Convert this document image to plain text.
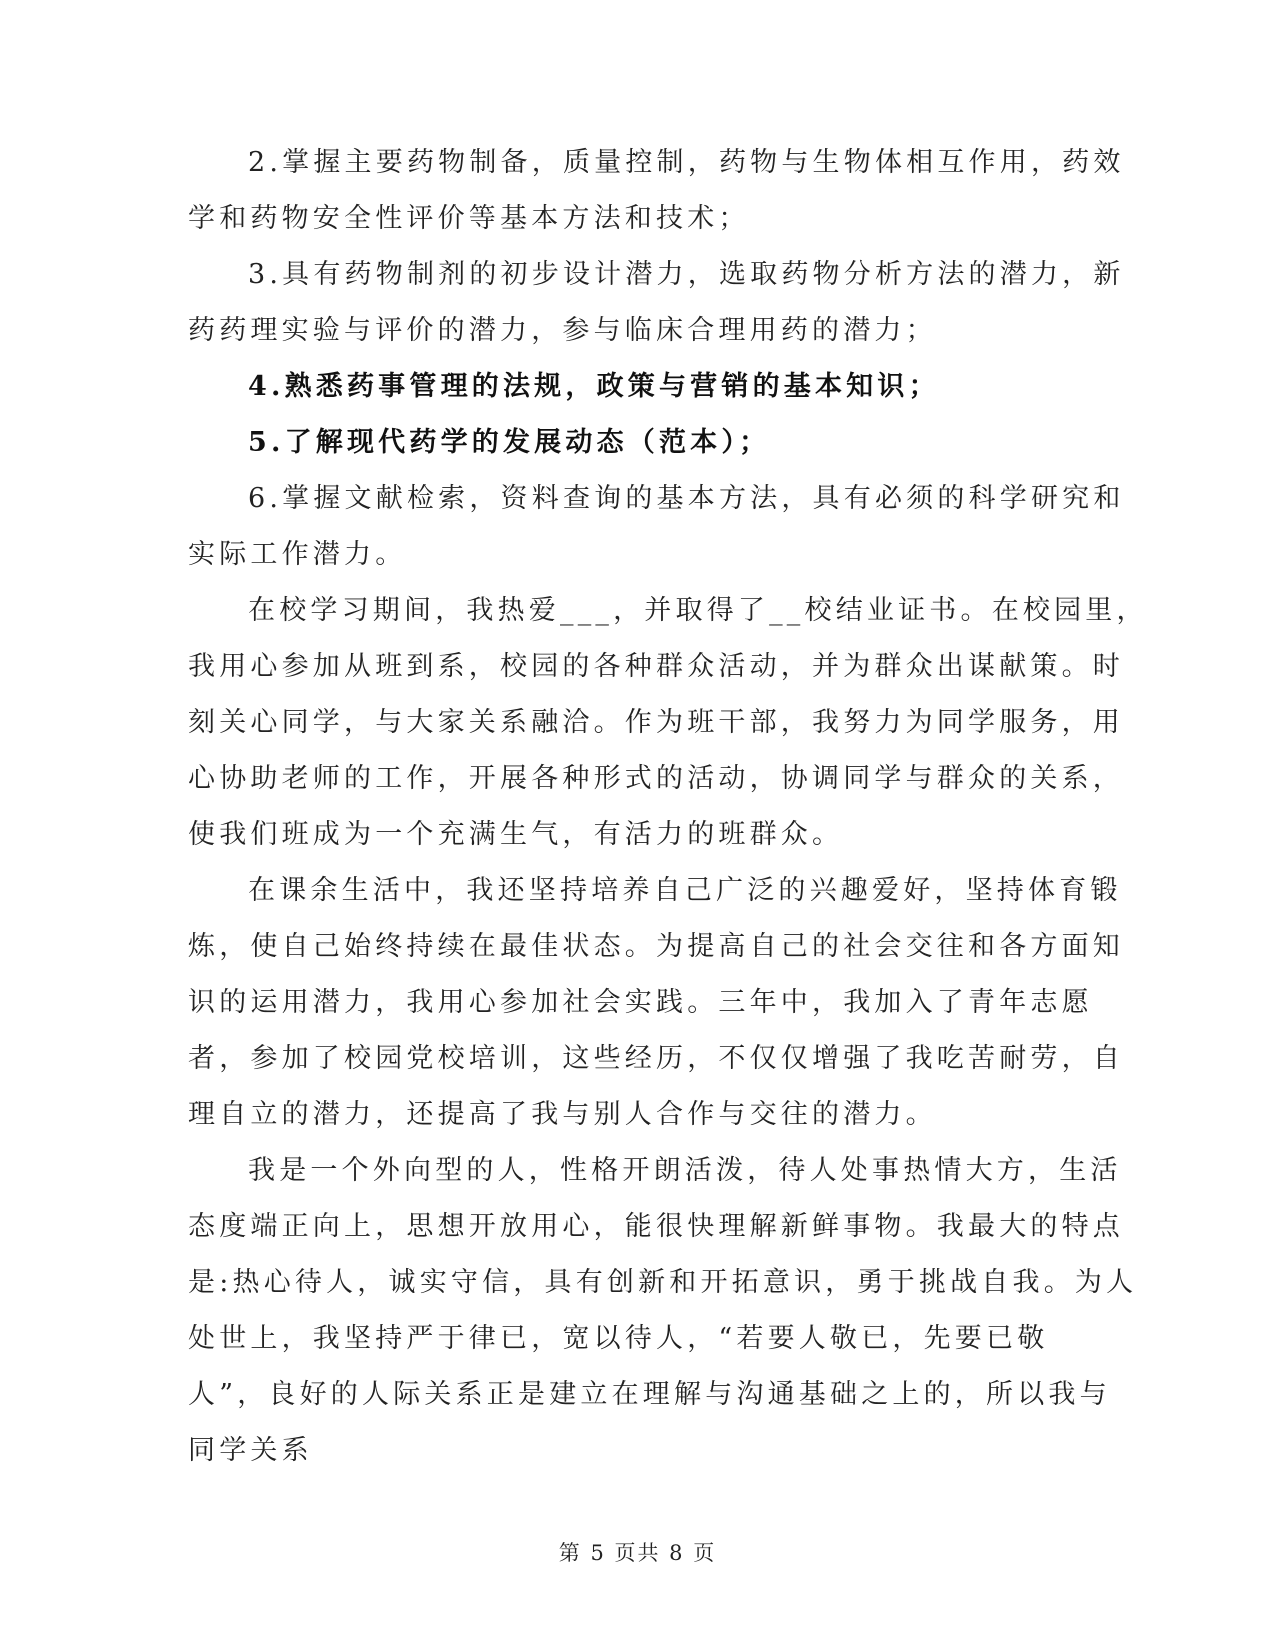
2.掌握主要药物制备，质量控制，药物与生物体相互作用，药效
学和药物安全性评价等基本方法和技术；
3.具有药物制剂的初步设计潜力，选取药物分析方法的潜力，新
药药理实验与评价的潜力，参与临床合理用药的潜力；
4.熟悉药事管理的法规，政策与营销的基本知识；
5.了解现代药学的发展动态（范本）；
6.掌握文献检索，资料查询的基本方法，具有必须的科学研究和
实际工作潜力。
在校学习期间，我热爱___，并取得了__校结业证书。在校园里，
我用心参加从班到系，校园的各种群众活动，并为群众出谋献策。时
刻关心同学，与大家关系融洽。作为班干部，我努力为同学服务，用
心协助老师的工作，开展各种形式的活动，协调同学与群众的关系，
使我们班成为一个充满生气，有活力的班群众。
在课余生活中，我还坚持培养自己广泛的兴趣爱好，坚持体育锻
炼，使自己始终持续在最佳状态。为提高自己的社会交往和各方面知
识的运用潜力，我用心参加社会实践。三年中，我加入了青年志愿
者，参加了校园党校培训，这些经历，不仅仅增强了我吃苦耐劳，自
理自立的潜力，还提高了我与别人合作与交往的潜力。
我是一个外向型的人，性格开朗活泼，待人处事热情大方，生活
态度端正向上，思想开放用心，能很快理解新鲜事物。我最大的特点
是:热心待人，诚实守信，具有创新和开拓意识，勇于挑战自我。为人
处世上，我坚持严于律已，宽以待人，“若要人敬已，先要已敬
人”，良好的人际关系正是建立在理解与沟通基础之上的，所以我与
同学关系
第 5 页共 8 页
